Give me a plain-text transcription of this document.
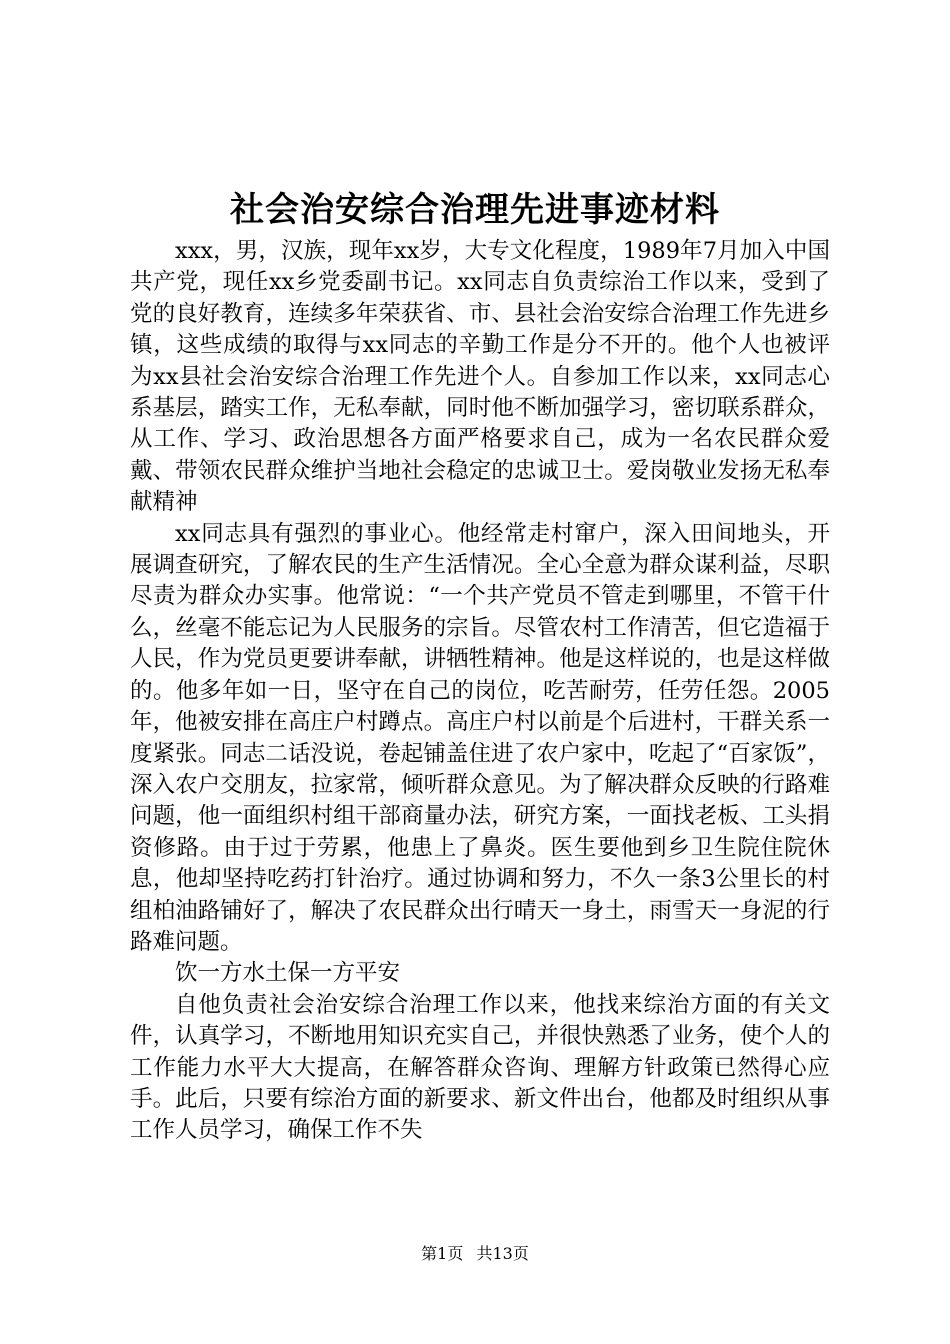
社会治安综合治理先进事迹材料

xxx，男，汉族，现年xx岁，大专文化程度，1989年7月加入中国共产党，现任xx乡党委副书记。xx同志自负责综治工作以来，受到了党的良好教育，连续多年荣获省、市、县社会治安综合治理工作先进乡镇，这些成绩的取得与xx同志的辛勤工作是分不开的。他个人也被评为xx县社会治安综合治理工作先进个人。自参加工作以来，xx同志心系基层，踏实工作，无私奉献，同时他不断加强学习，密切联系群众，从工作、学习、政治思想各方面严格要求自己，成为一名农民群众爱戴、带领农民群众维护当地社会稳定的忠诚卫士。爱岗敬业发扬无私奉献精神

xx同志具有强烈的事业心。他经常走村窜户，深入田间地头，开展调查研究，了解农民的生产生活情况。全心全意为群众谋利益，尽职尽责为群众办实事。他常说：“一个共产党员不管走到哪里，不管干什么，丝毫不能忘记为人民服务的宗旨。尽管农村工作清苦，但它造福于人民，作为党员更要讲奉献，讲牺牲精神。他是这样说的，也是这样做的。他多年如一日，坚守在自己的岗位，吃苦耐劳，任劳任怨。2005年，他被安排在高庄户村蹲点。高庄户村以前是个后进村，干群关系一度紧张。同志二话没说，卷起铺盖住进了农户家中，吃起了“百家饭”，深入农户交朋友，拉家常，倾听群众意见。为了解决群众反映的行路难问题，他一面组织村组干部商量办法，研究方案，一面找老板、工头捐资修路。由于过于劳累，他患上了鼻炎。医生要他到乡卫生院住院休息，他却坚持吃药打针治疗。通过协调和努力，不久一条3公里长的村组柏油路铺好了，解决了农民群众出行晴天一身土，雨雪天一身泥的行路难问题。

饮一方水土保一方平安

自他负责社会治安综合治理工作以来，他找来综治方面的有关文件，认真学习，不断地用知识充实自己，并很快熟悉了业务，使个人的工作能力水平大大提高，在解答群众咨询、理解方针政策已然得心应手。此后，只要有综治方面的新要求、新文件出台，他都及时组织从事工作人员学习，确保工作不失

第1页 共13页
